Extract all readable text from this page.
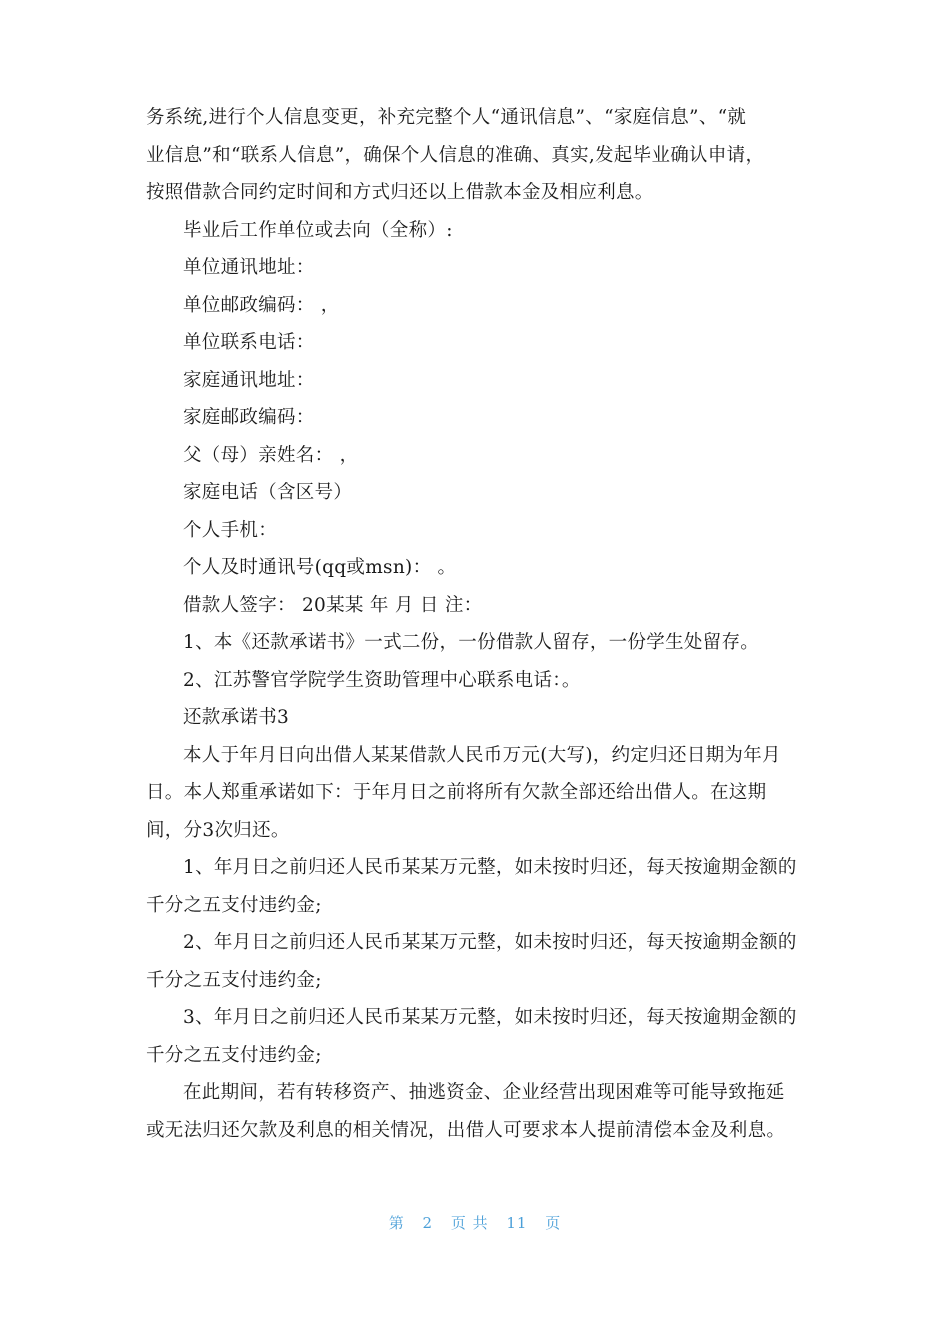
务系统,进行个人信息变更，补充完整个人“通讯信息”、“家庭信息”、“就
业信息”和“联系人信息”，确保个人信息的准确、真实,发起毕业确认申请，
按照借款合同约定时间和方式归还以上借款本金及相应利息。
毕业后工作单位或去向（全称）:
单位通讯地址：
单位邮政编码： ，
单位联系电话：
家庭通讯地址：
家庭邮政编码：
父（母）亲姓名： ，
家庭电话（含区号）
个人手机：
个人及时通讯号(qq或msn)： 。
借款人签字： 20某某 年 月 日 注：
1、本《还款承诺书》一式二份，一份借款人留存，一份学生处留存。
2、江苏警官学院学生资助管理中心联系电话：。
还款承诺书3
本人于年月日向出借人某某借款人民币万元(大写)，约定归还日期为年月
日。本人郑重承诺如下：于年月日之前将所有欠款全部还给出借人。在这期
间，分3次归还。
1、年月日之前归还人民币某某万元整，如未按时归还，每天按逾期金额的
千分之五支付违约金;
2、年月日之前归还人民币某某万元整，如未按时归还，每天按逾期金额的
千分之五支付违约金;
3、年月日之前归还人民币某某万元整，如未按时归还，每天按逾期金额的
千分之五支付违约金;
在此期间，若有转移资产、抽逃资金、企业经营出现困难等可能导致拖延
或无法归还欠款及利息的相关情况，出借人可要求本人提前清偿本金及利息。
第 2 页 共 11 页
